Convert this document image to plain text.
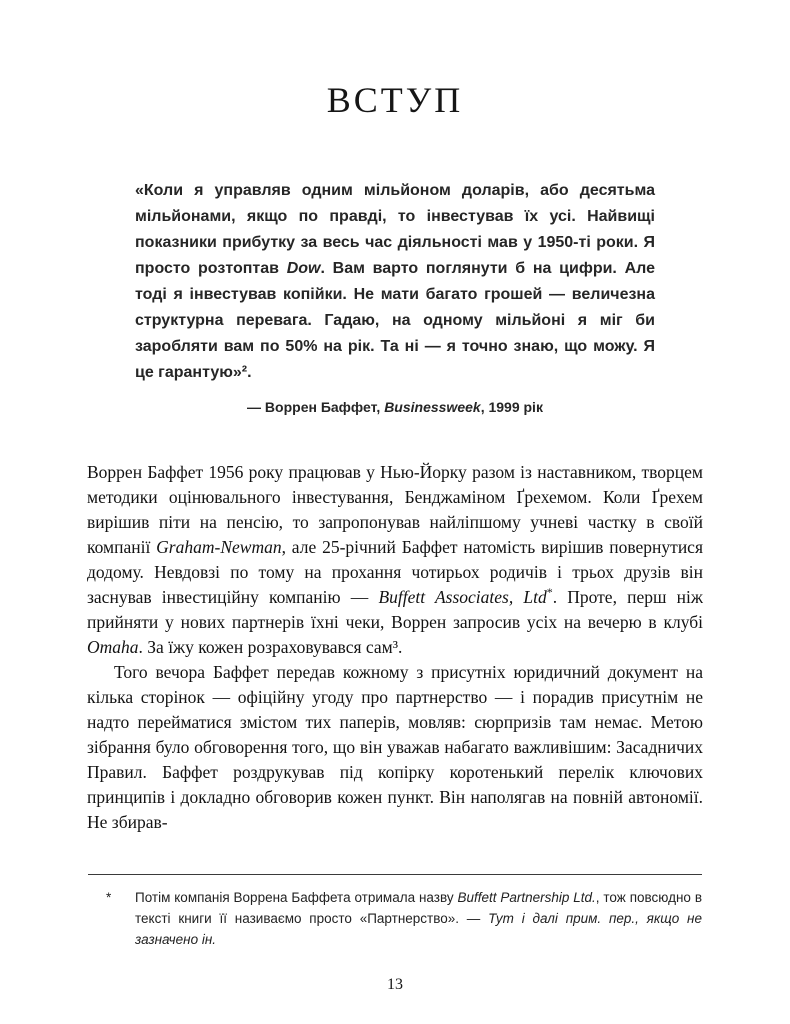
ВСТУП
«Коли я управляв одним мільйоном доларів, або десятьма мільйонами, якщо по правді, то інвестував їх усі. Найвищі показники прибутку за весь час діяльності мав у 1950-ті роки. Я просто розтоптав Dow. Вам варто поглянути б на цифри. Але тоді я інвестував копійки. Не мати багато грошей — величезна структурна перевага. Гадаю, на одному мільйоні я міг би заробляти вам по 50% на рік. Та ні — я точно знаю, що можу. Я це гарантую»².
— Воррен Баффет, Businessweek, 1999 рік

Воррен Баффет 1956 року працював у Нью-Йорку разом із наставником, творцем методики оцінювального інвестування, Бенджаміном Ґрехемом. Коли Ґрехем вирішив піти на пенсію, то запропонував найліпшому учневі частку в своїй компанії Graham-Newman, але 25-річний Баффет натомість вирішив повернутися додому. Невдовзі по тому на прохання чотирьох родичів і трьох друзів він заснував інвестиційну компанію — Buffett Associates, Ltd*. Проте, перш ніж прийняти у нових партнерів їхні чеки, Воррен запросив усіх на вечерю в клубі Omaha. За їжу кожен розраховувався сам³.

Того вечора Баффет передав кожному з присутніх юридичний документ на кілька сторінок — офіційну угоду про партнерство — і порадив присутнім не надто перейматися змістом тих паперів, мовляв: сюрпризів там немає. Метою зібрання було обговорення того, що він уважав набагато важливішим: Засадничих Правил. Баффет роздрукував під копірку коротенький перелік ключових принципів і докладно обговорив кожен пункт. Він наполягав на повній автономії. Не збирав-

* Потім компанія Воррена Баффета отримала назву Buffett Partnership Ltd., тож повсюдно в тексті книги її називаємо просто «Партнерство». — Тут і далі прим. пер., якщо не зазначено ін.
13
